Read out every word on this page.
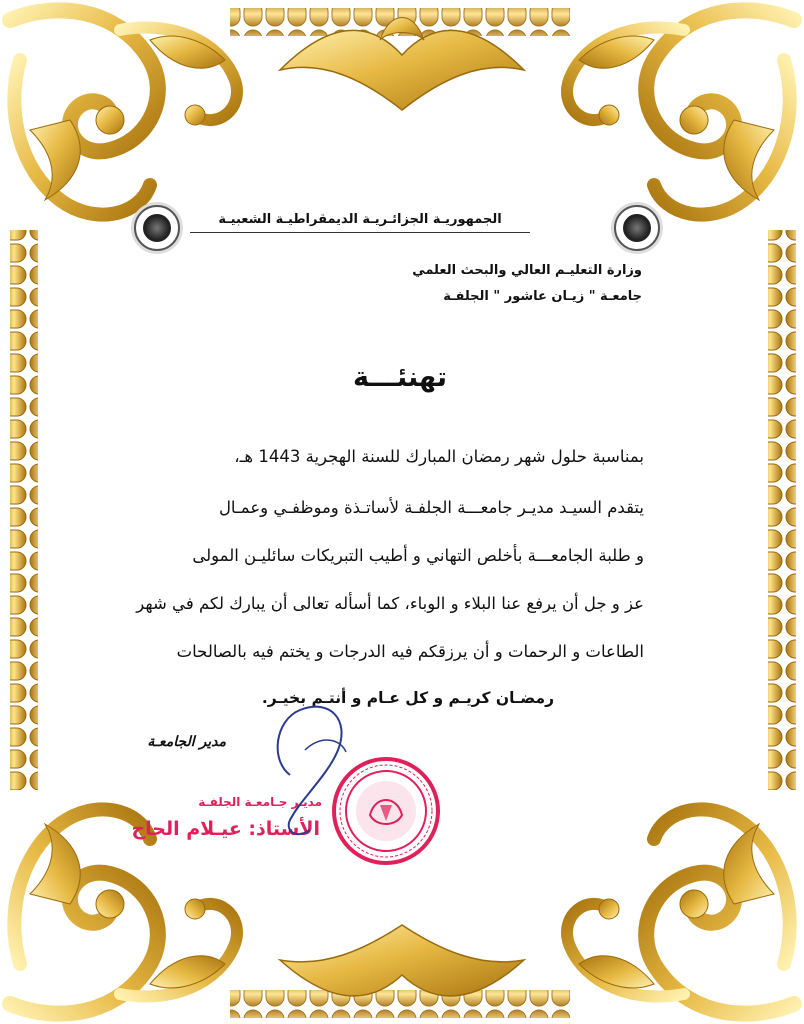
الجمهوريـة الجزائـريـة الديمقراطيـة الشعبيـة
وزارة التعليـم العالي والبحث العلمي
جامعـة " زيـان عاشور " الجلفـة
تهنئـــة
بمناسبة حلول شهر رمضان المبارك للسنة الهجرية 1443 هـ،
يتقدم السيـد مديـر جامعـــة الجلفـة لأساتـذة وموظفـي وعمـال
و طلبة الجامعـــة بأخلص التهاني و أطيب التبريكات سائليـن المولى
عز و جل أن يرفع عنا البلاء و الوباء، كما أسأله تعالى أن يبارك لكم في شهر
الطاعات و الرحمات و أن يرزقكم فيه الدرجات و يختم فيه بالصالحات
رمضـان كريـم و كل عـام و أنتـم بخيـر.
مدير الجامعـة
مديـر جـامعـة الجلفـة
الأستاذ: عيـلام الحاج
